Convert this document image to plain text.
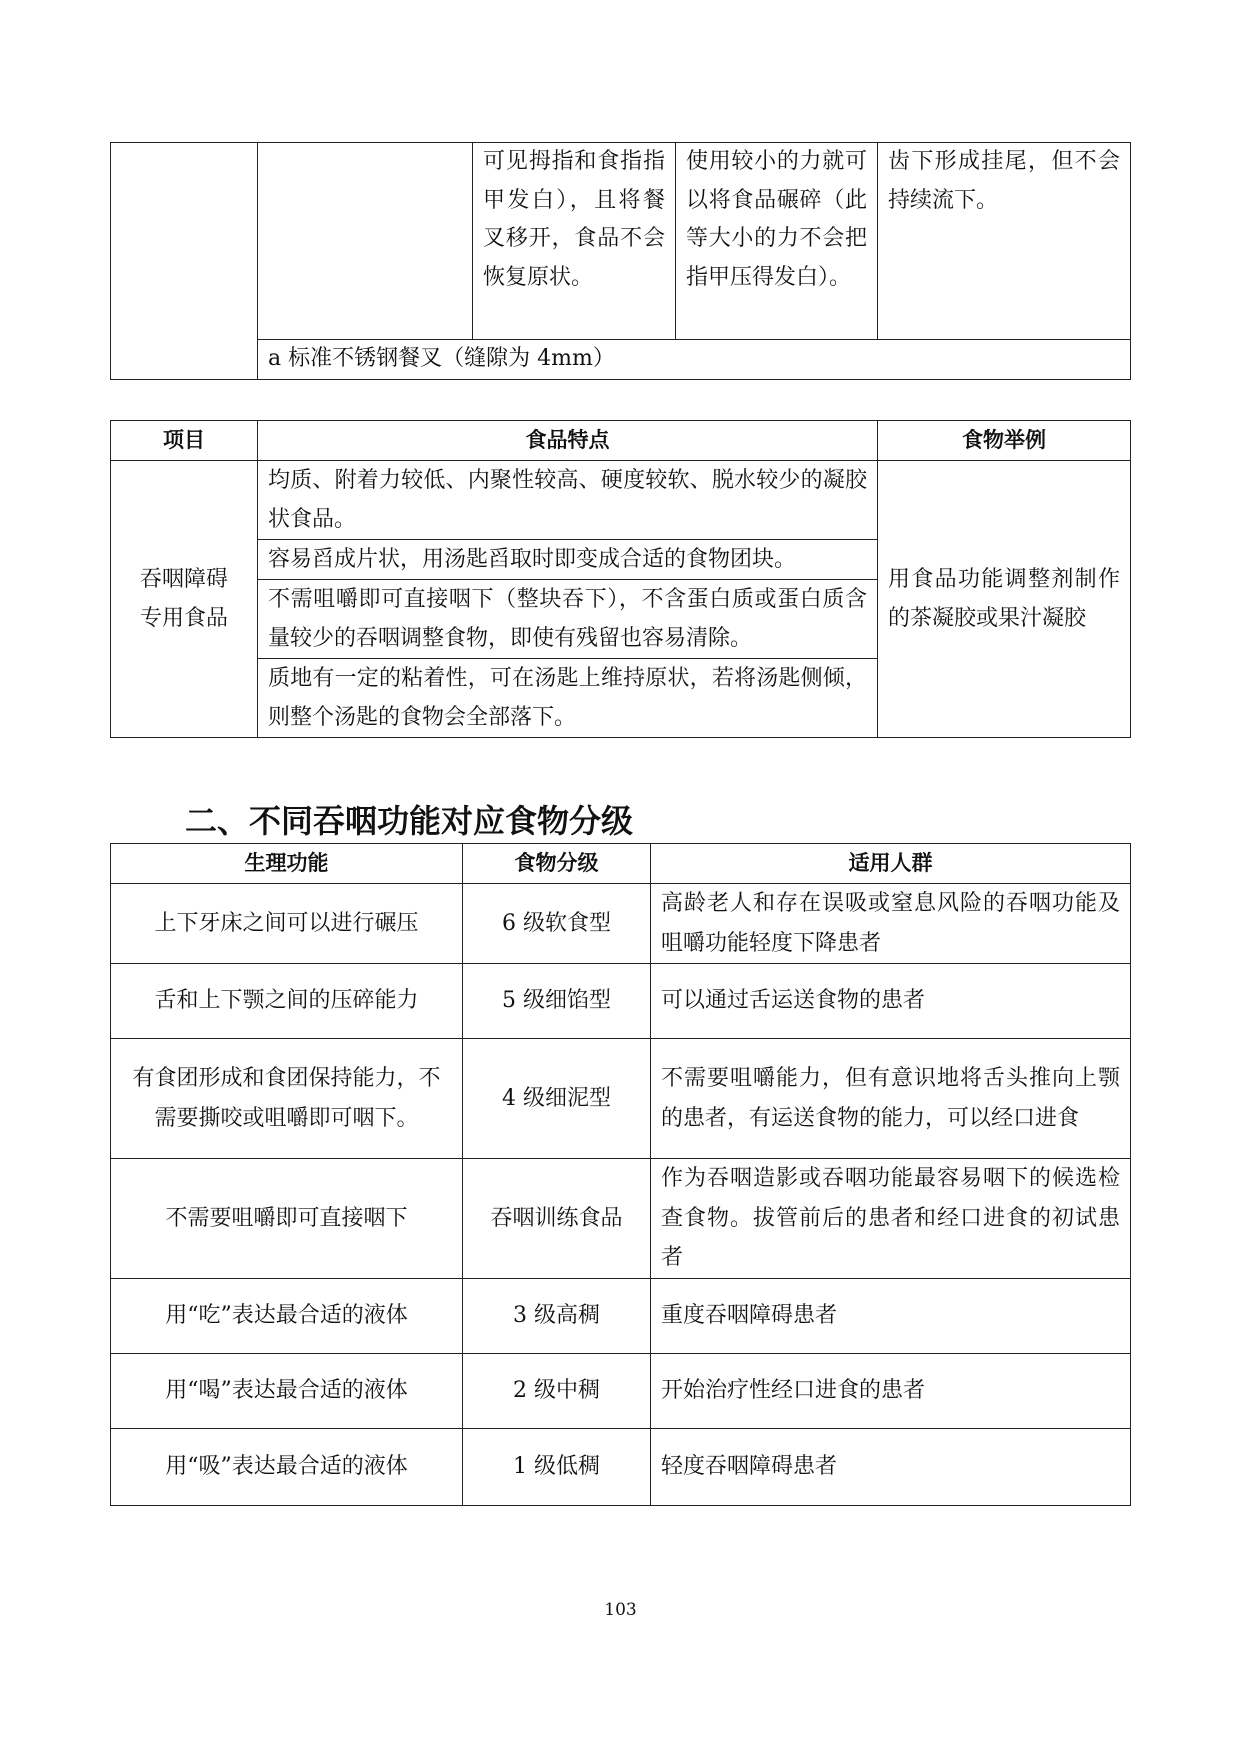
		可见拇指和食指指甲发白），且将餐叉移开，食品不会恢复原状。	使用较小的力就可以将食品碾碎（此等大小的力不会把指甲压得发白）。	齿下形成挂尾，但不会持续流下。
a 标准不锈钢餐叉（缝隙为 4mm）
项目	食品特点	食物举例
吞咽障碍专用食品	均质、附着力较低、内聚性较高、硬度较软、脱水较少的凝胶状食品。	用食品功能调整剂制作的茶凝胶或果汁凝胶
	容易舀成片状，用汤匙舀取时即变成合适的食物团块。	
	不需咀嚼即可直接咽下（整块吞下），不含蛋白质或蛋白质含量较少的吞咽调整食物，即使有残留也容易清除。	
	质地有一定的粘着性，可在汤匙上维持原状，若将汤匙侧倾，则整个汤匙的食物会全部落下。	
二、不同吞咽功能对应食物分级
生理功能	食物分级	适用人群
上下牙床之间可以进行碾压	6 级软食型	高龄老人和存在误吸或窒息风险的吞咽功能及咀嚼功能轻度下降患者
舌和上下颚之间的压碎能力	5 级细馅型	可以通过舌运送食物的患者
有食团形成和食团保持能力，不需要撕咬或咀嚼即可咽下。	4 级细泥型	不需要咀嚼能力，但有意识地将舌头推向上颚的患者，有运送食物的能力，可以经口进食
不需要咀嚼即可直接咽下	吞咽训练食品	作为吞咽造影或吞咽功能最容易咽下的候选检查食物。拔管前后的患者和经口进食的初试患者
用“吃”表达最合适的液体	3 级高稠	重度吞咽障碍患者
用“喝”表达最合适的液体	2 级中稠	开始治疗性经口进食的患者
用“吸”表达最合适的液体	1 级低稠	轻度吞咽障碍患者
103
